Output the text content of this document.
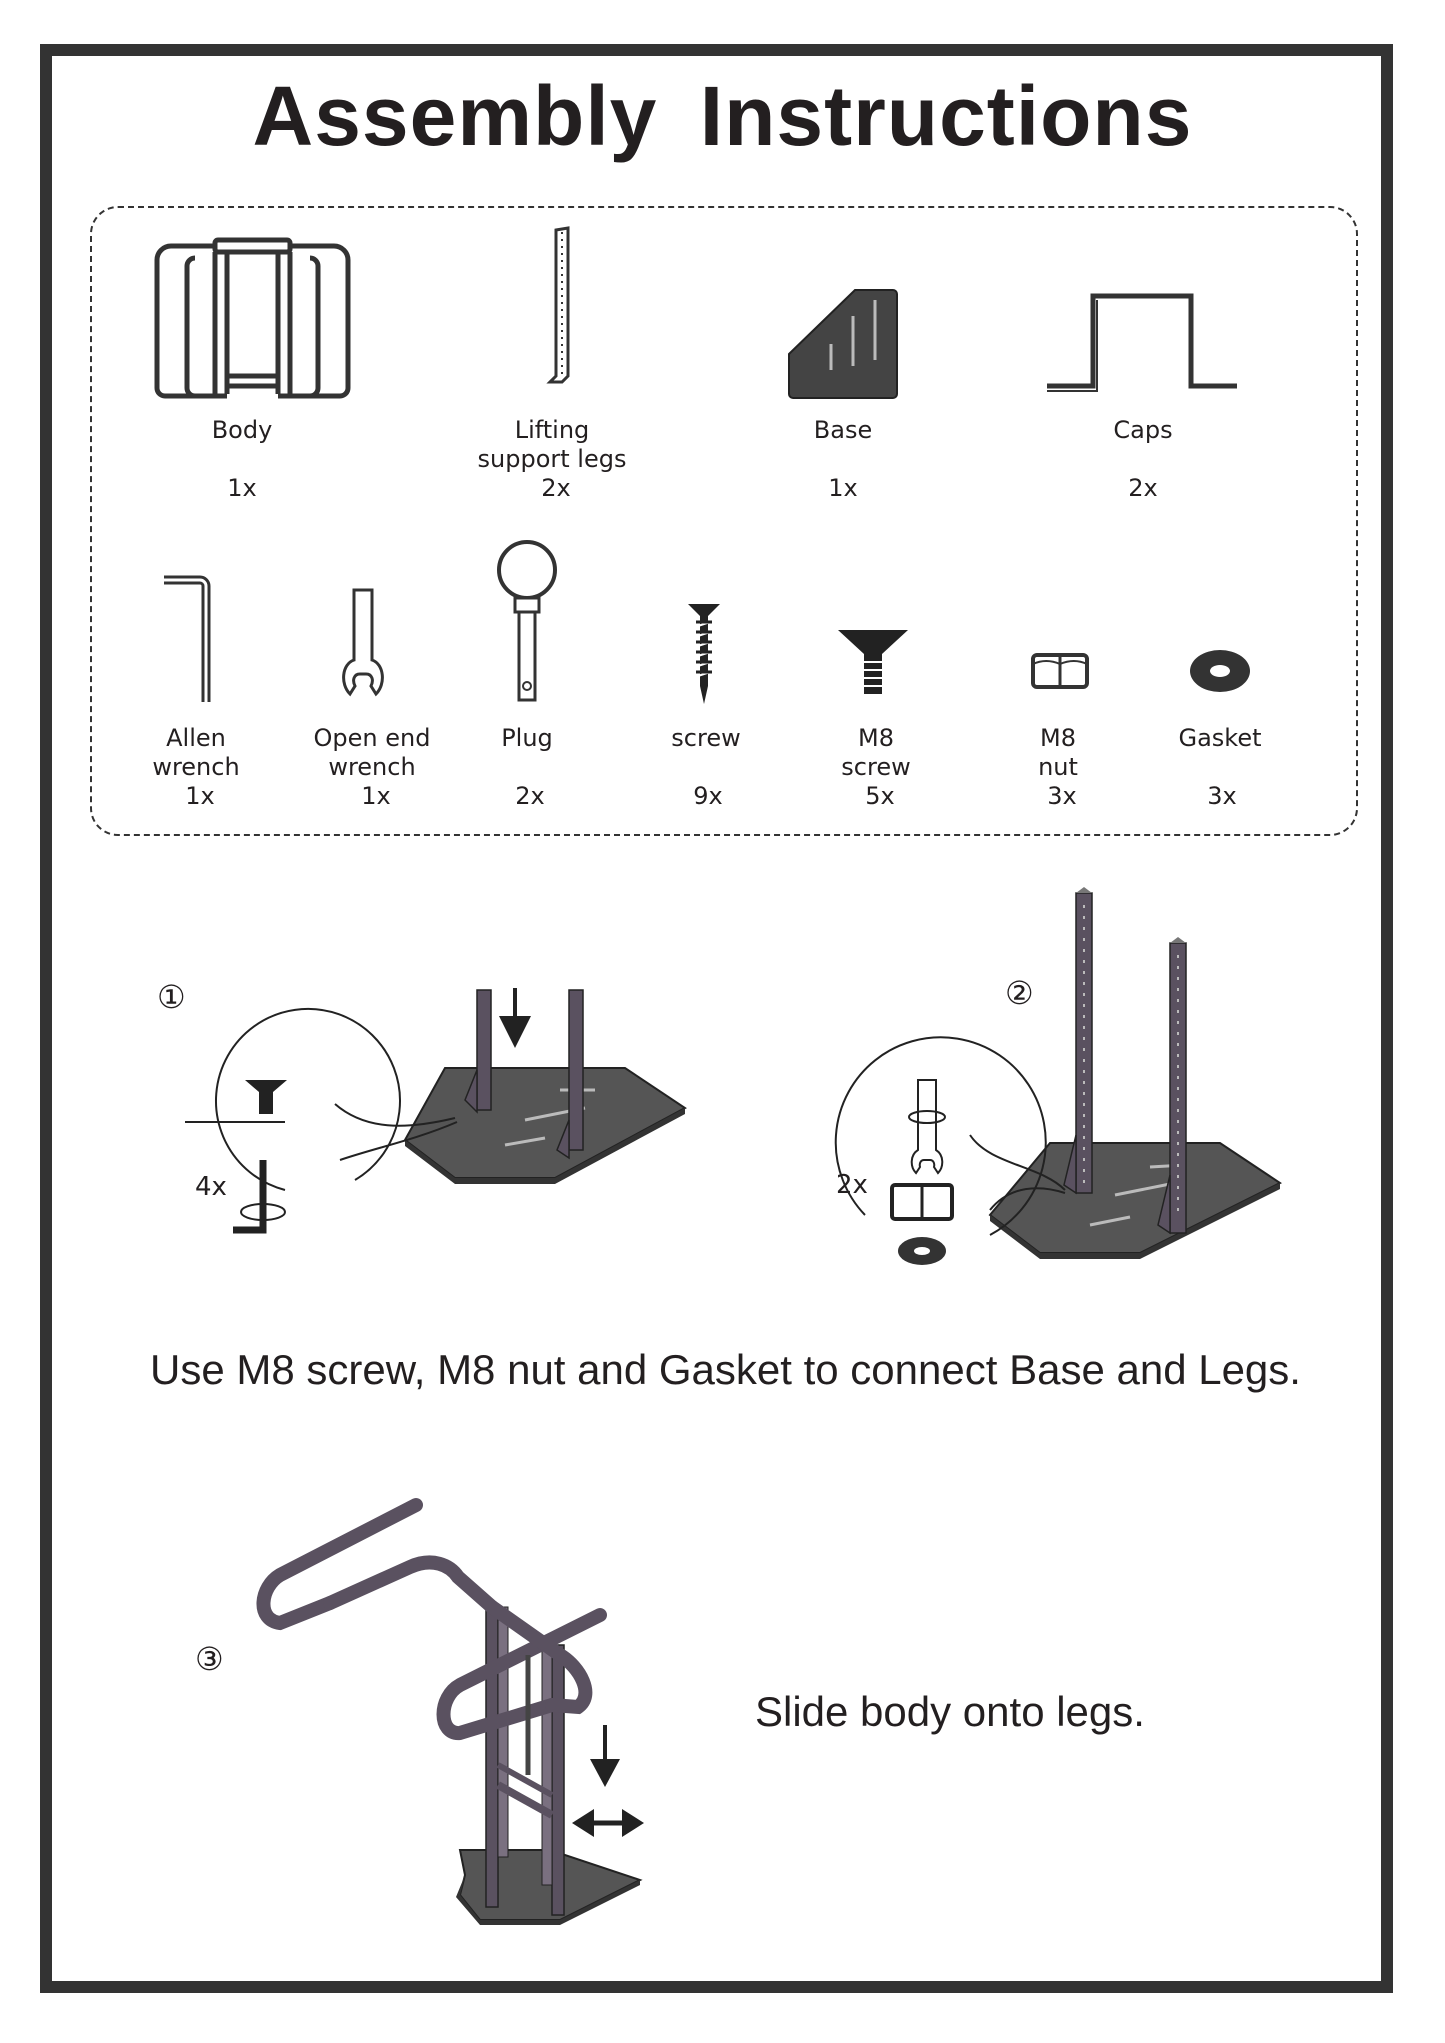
Assembly Instructions
Body
1x
Lifting
support legs
2x
Base
1x
Caps
2x
Allen
wrench
1x
Open end
wrench
1x
Plug
2x
screw
9x
M8
screw
5x
M8
nut
3x
Gasket
3x
①
4x
②
2x
Use M8 screw, M8 nut and Gasket to connect Base and Legs.
③
Slide body onto legs.
